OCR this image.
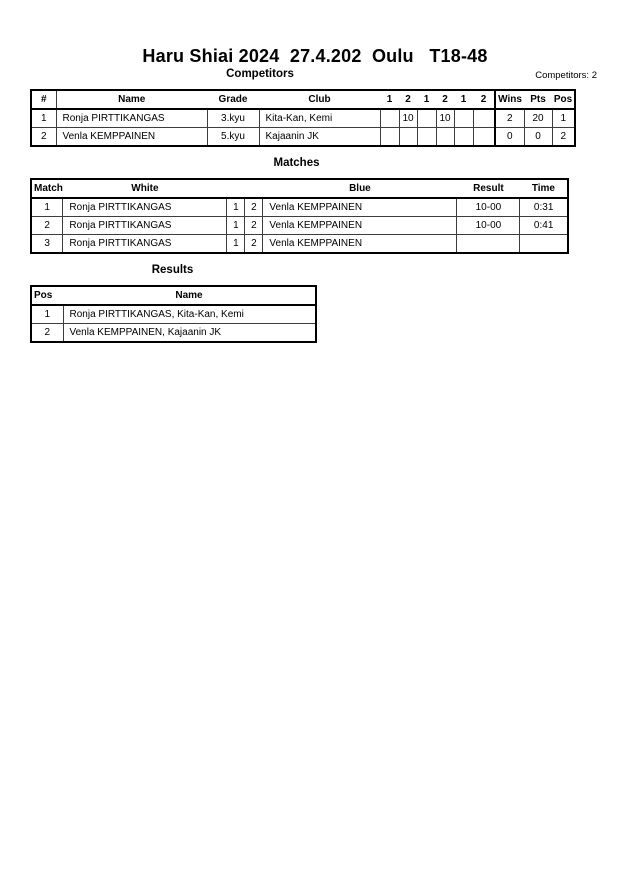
Haru Shiai 2024  27.4.202  Oulu   T18-48
Competitors	Competitors: 2
#	Name	Grade	Club	1	2	1	2	1	2	Wins	Pts	Pos
1	Ronja PIRTTIKANGAS	3.kyu	Kita-Kan, Kemi		10		10			2	20	1
2	Venla KEMPPAINEN	5.kyu	Kajaanin JK							0	0	2
Matches
Match	White			Blue	Result	Time
1	Ronja PIRTTIKANGAS	1	2	Venla KEMPPAINEN	10-00	0:31
2	Ronja PIRTTIKANGAS	1	2	Venla KEMPPAINEN	10-00	0:41
3	Ronja PIRTTIKANGAS	1	2	Venla KEMPPAINEN		
Results
Pos	Name
1	Ronja PIRTTIKANGAS, Kita-Kan, Kemi
2	Venla KEMPPAINEN, Kajaanin JK
